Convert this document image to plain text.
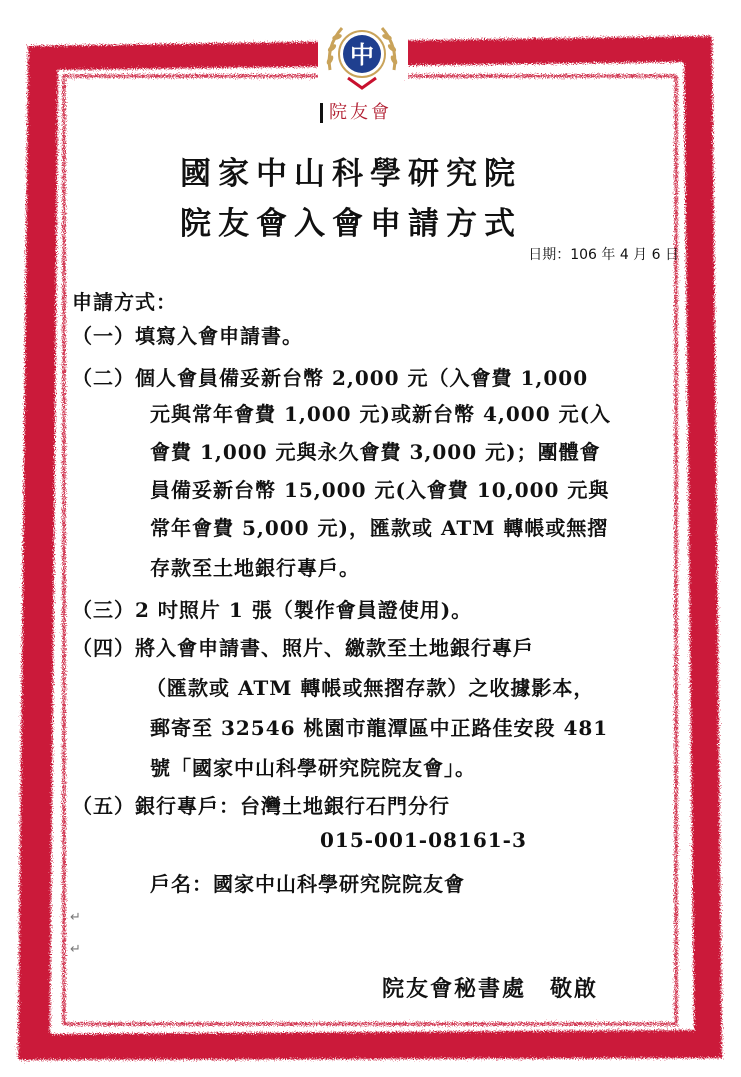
中
院友會
國家中山科學研究院
院友會入會申請方式
日期：106 年 4 月 6 日
申請方式：
（一）填寫入會申請書。
（二）個人會員備妥新台幣 2,000 元（入會費 1,000
元與常年會費 1,000 元)或新台幣 4,000 元(入
會費 1,000 元與永久會費 3,000 元)；團體會
員備妥新台幣 15,000 元(入會費 10,000 元與
常年會費 5,000 元)，匯款或 ATM 轉帳或無摺
存款至土地銀行專戶。
（三）2 吋照片 1 張（製作會員證使用)。
（四）將入會申請書、照片、繳款至土地銀行專戶
（匯款或 ATM 轉帳或無摺存款）之收據影本，
郵寄至 32546 桃園市龍潭區中正路佳安段 481
號「國家中山科學研究院院友會」。
（五）銀行專戶：台灣土地銀行石門分行
015-001-08161-3
戶名：國家中山科學研究院院友會
↵
↵
院友會秘書處　敬啟
